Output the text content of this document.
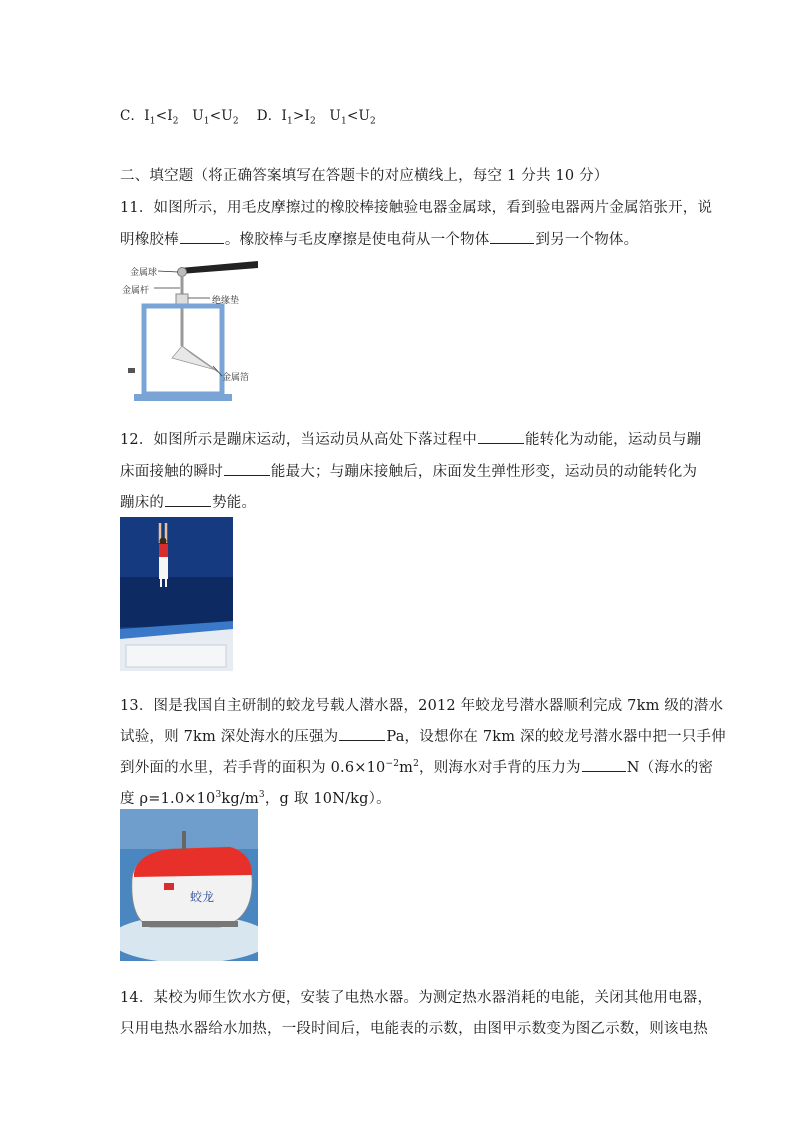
C．$I_1<I_2$ $U_1<U_2$ D．$I_1>I_2$ $U_1<U_2$
二、填空题（将正确答案填写在答题卡的对应横线上，每空 1 分共 10 分）
11．如图所示，用毛皮摩擦过的橡胶棒接触验电器金属球，看到验电器两片金属箔张开，说
明橡胶棒	。橡胶棒与毛皮摩擦是使电荷从一个物体	到另一个物体。
金属球
金属杆
绝缘垫
金属箔
12．如图所示是蹦床运动，当运动员从高处下落过程中	能转化为动能，运动员与蹦
床面接触的瞬时	能最大；与蹦床接触后，床面发生弹性形变，运动员的动能转化为
蹦床的	势能。
13．图是我国自主研制的蛟龙号载人潜水器，2012 年蛟龙号潜水器顺利完成 7km 级的潜水
试验，则 7km 深处海水的压强为	Pa，设想你在 7km 深的蛟龙号潜水器中把一只手伸
到外面的水里，若手背的面积为 $0.6\times 10^{-2}m^2$，则海水对手背的压力为	N（海水的密
度 $\rho=1.0\times 10^3kg/m^3$，g 取 10N/kg）。
蛟龙
14．某校为师生饮水方便，安装了电热水器。为测定热水器消耗的电能，关闭其他用电器，
只用电热水器给水加热，一段时间后，电能表的示数，由图甲示数变为图乙示数，则该电热
